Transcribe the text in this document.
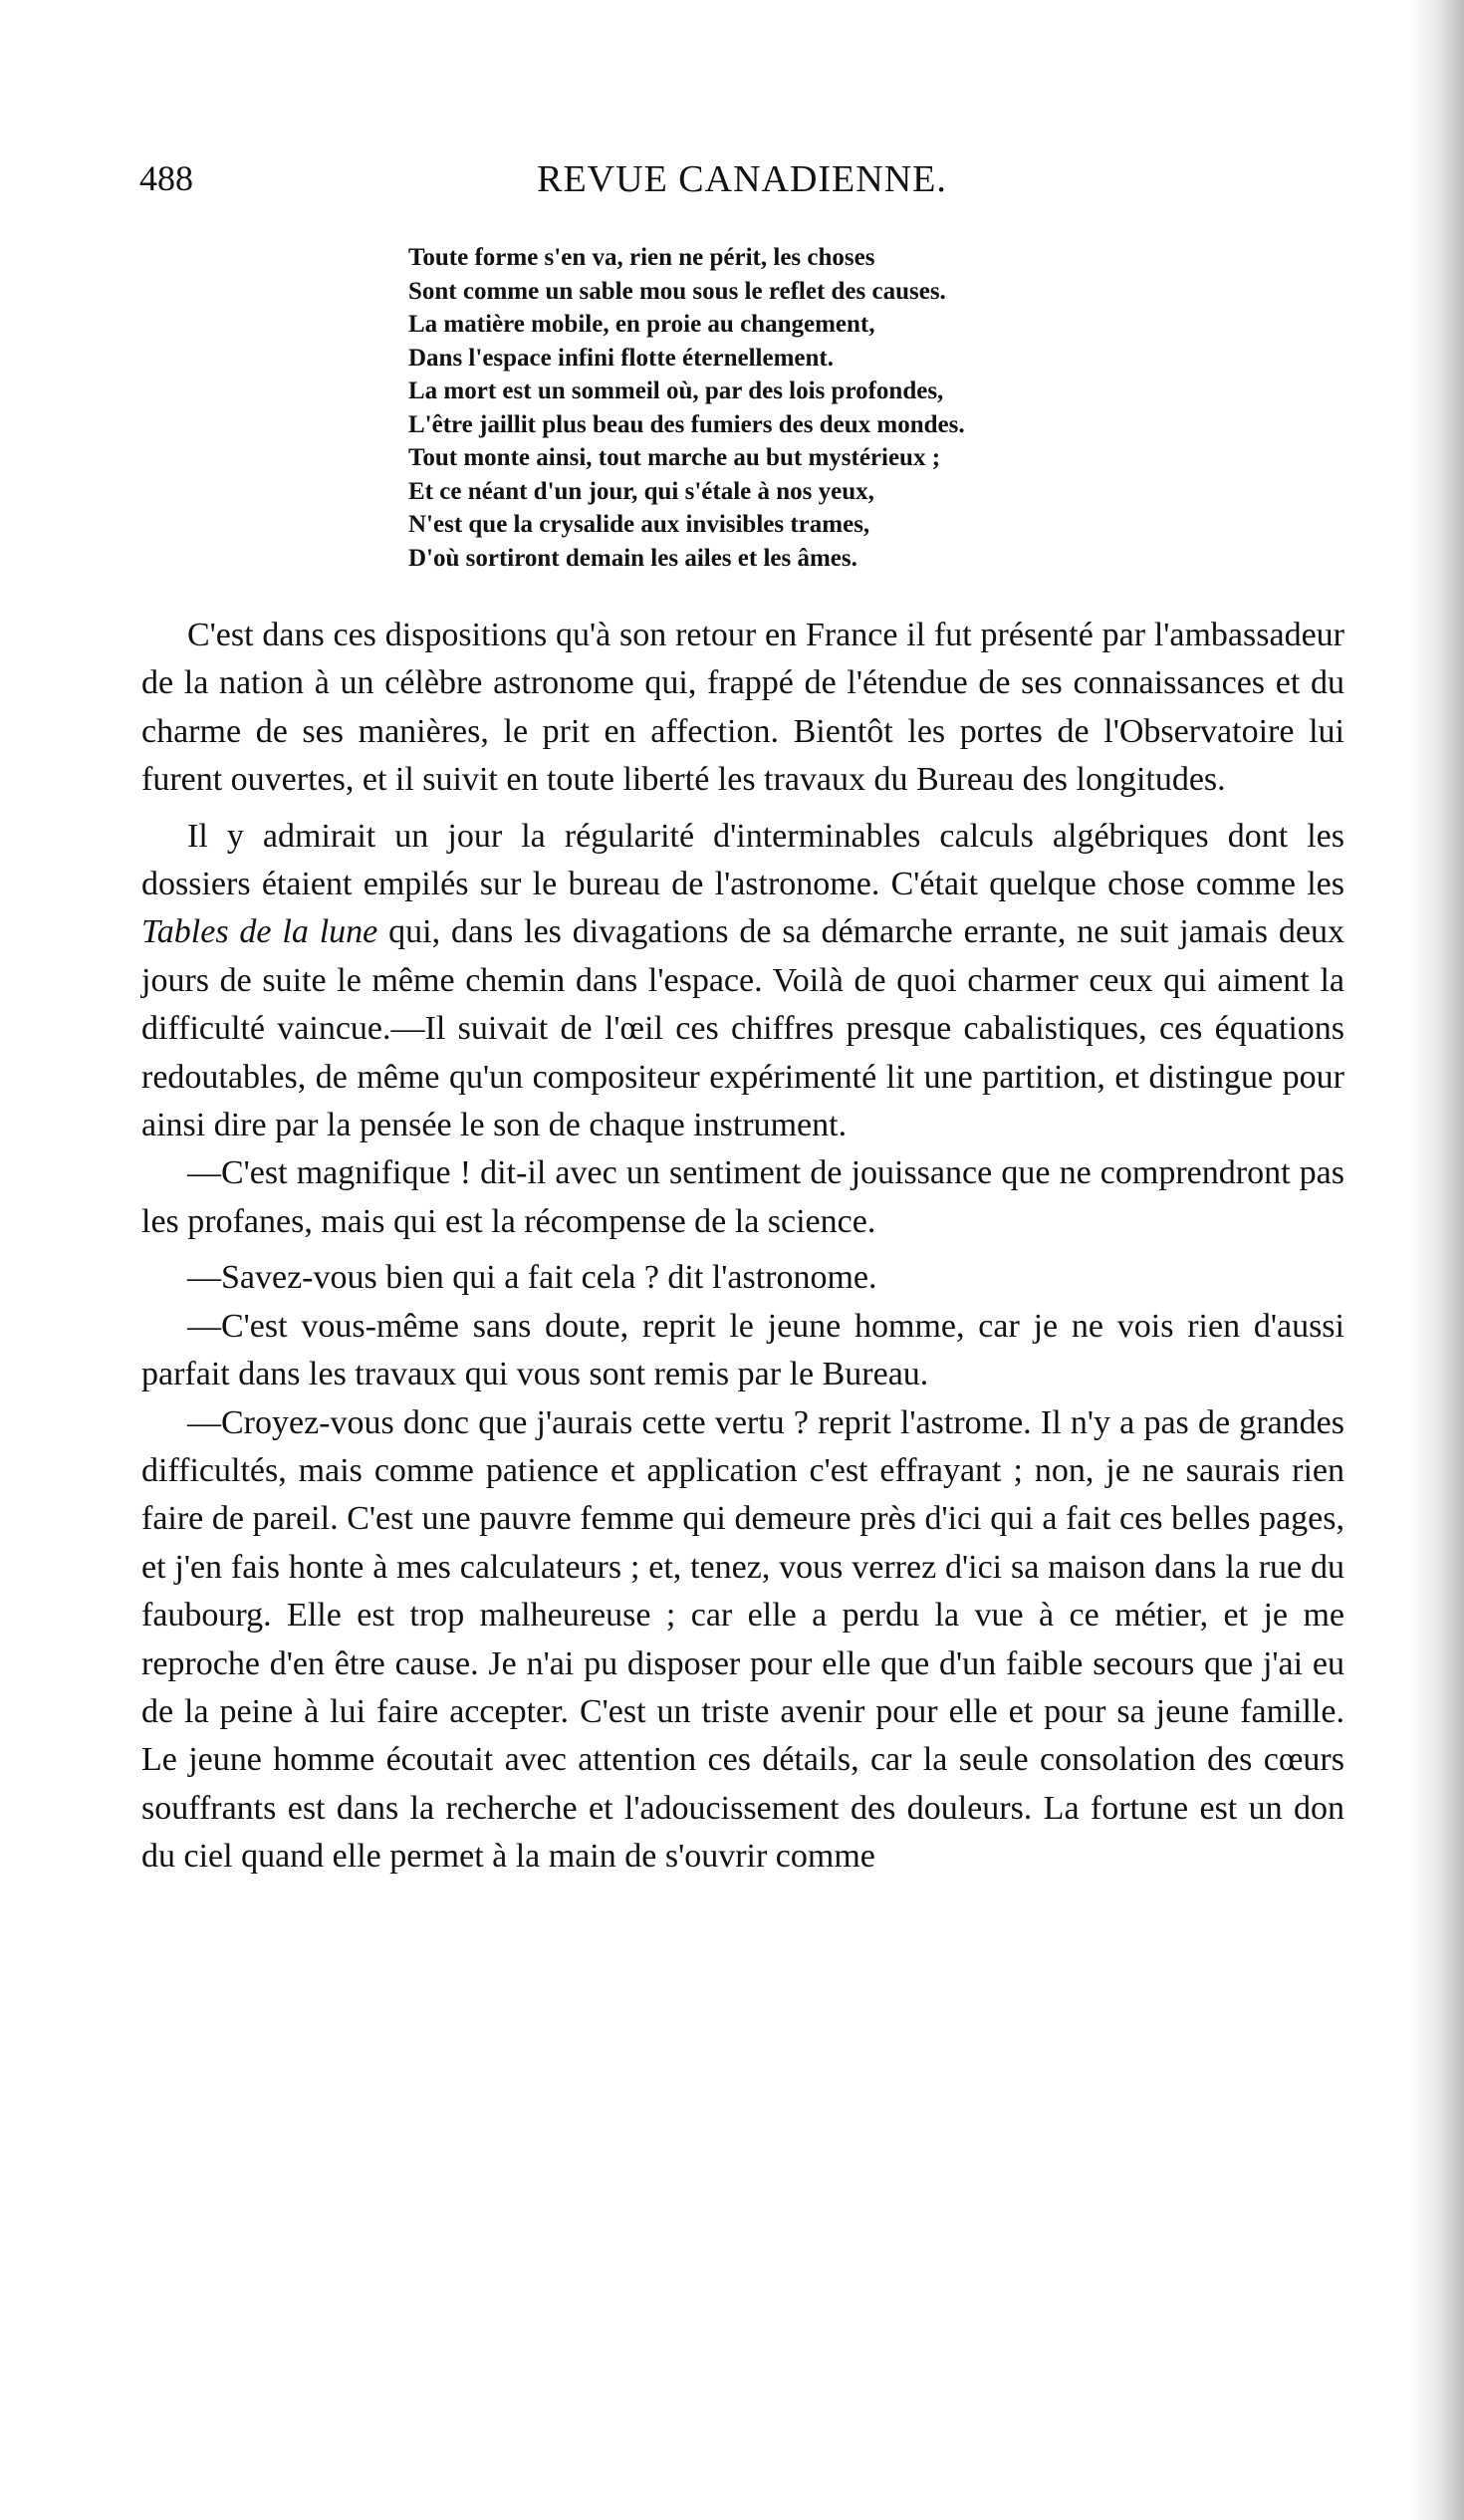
488	REVUE CANADIENNE.
Toute forme s'en va, rien ne périt, les choses
Sont comme un sable mou sous le reflet des causes.
La matière mobile, en proie au changement,
Dans l'espace infini flotte éternellement.
La mort est un sommeil où, par des lois profondes,
L'être jaillit plus beau des fumiers des deux mondes.
Tout monte ainsi, tout marche au but mystérieux ;
Et ce néant d'un jour, qui s'étale à nos yeux,
N'est que la crysalide aux invisibles trames,
D'où sortiront demain les ailes et les âmes.

C'est dans ces dispositions qu'à son retour en France il fut présenté par l'ambassadeur de la nation à un célèbre astronome qui, frappé de l'étendue de ses connaissances et du charme de ses manières, le prit en affection. Bientôt les portes de l'Observatoire lui furent ouvertes, et il suivit en toute liberté les travaux du Bureau des longitudes.

Il y admirait un jour la régularité d'interminables calculs algébriques dont les dossiers étaient empilés sur le bureau de l'astronome. C'était quelque chose comme les Tables de la lune qui, dans les divagations de sa démarche errante, ne suit jamais deux jours de suite le même chemin dans l'espace. Voilà de quoi charmer ceux qui aiment la difficulté vaincue.—Il suivait de l'œil ces chiffres presque cabalistiques, ces équations redoutables, de même qu'un compositeur expérimenté lit une partition, et distingue pour ainsi dire par la pensée le son de chaque instrument.

—C'est magnifique ! dit-il avec un sentiment de jouissance que ne comprendront pas les profanes, mais qui est la récompense de la science.

—Savez-vous bien qui a fait cela ? dit l'astronome.

—C'est vous-même sans doute, reprit le jeune homme, car je ne vois rien d'aussi parfait dans les travaux qui vous sont remis par le Bureau.

—Croyez-vous donc que j'aurais cette vertu ? reprit l'astrome. Il n'y a pas de grandes difficultés, mais comme patience et application c'est effrayant ; non, je ne saurais rien faire de pareil. C'est une pauvre femme qui demeure près d'ici qui a fait ces belles pages, et j'en fais honte à mes calculateurs ; et, tenez, vous verrez d'ici sa maison dans la rue du faubourg. Elle est trop malheureuse ; car elle a perdu la vue à ce métier, et je me reproche d'en être cause. Je n'ai pu disposer pour elle que d'un faible secours que j'ai eu de la peine à lui faire accepter. C'est un triste avenir pour elle et pour sa jeune famille. Le jeune homme écoutait avec attention ces détails, car la seule consolation des cœurs souffrants est dans la recherche et l'adoucissement des douleurs. La fortune est un don du ciel quand elle permet à la main de s'ouvrir comme
